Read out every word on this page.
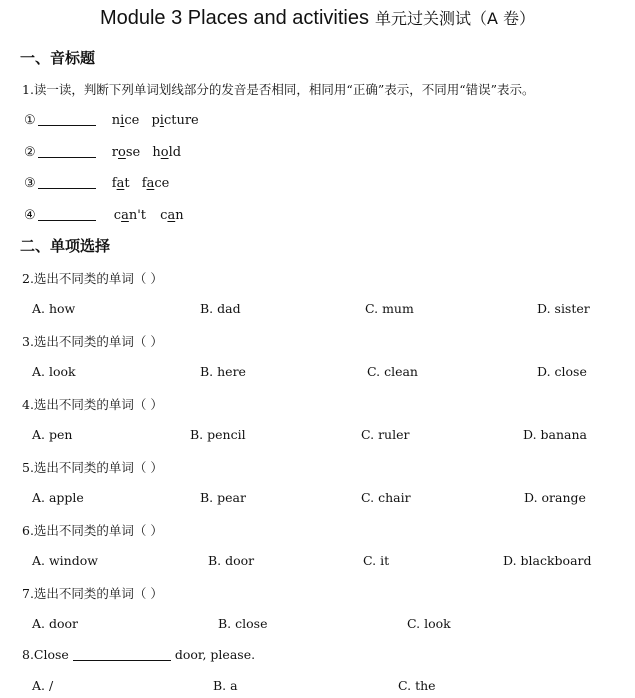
Module 3 Places and activities 单元过关测试（A 卷）
一、音标题
1.读一读，判断下列单词划线部分的发音是否相同，相同用“正确”表示，不同用“错误”表示。
①	nice picture
②	rose hold
③	fat face
④	can't can
二、单项选择
2.选出不同类的单词（ ）
A. how	B. dad	C. mum	D. sister
3.选出不同类的单词（ ）
A. look	B. here	C. clean	D. close
4.选出不同类的单词（ ）
A. pen	B. pencil	C. ruler	D. banana
5.选出不同类的单词（ ）
A. apple	B. pear	C. chair	D. orange
6.选出不同类的单词（ ）
A. window	B. door	C. it	D. blackboard
7.选出不同类的单词（ ）
A. door	B. close	C. look
8.Close	door, please.
A. /	B. a	C. the
